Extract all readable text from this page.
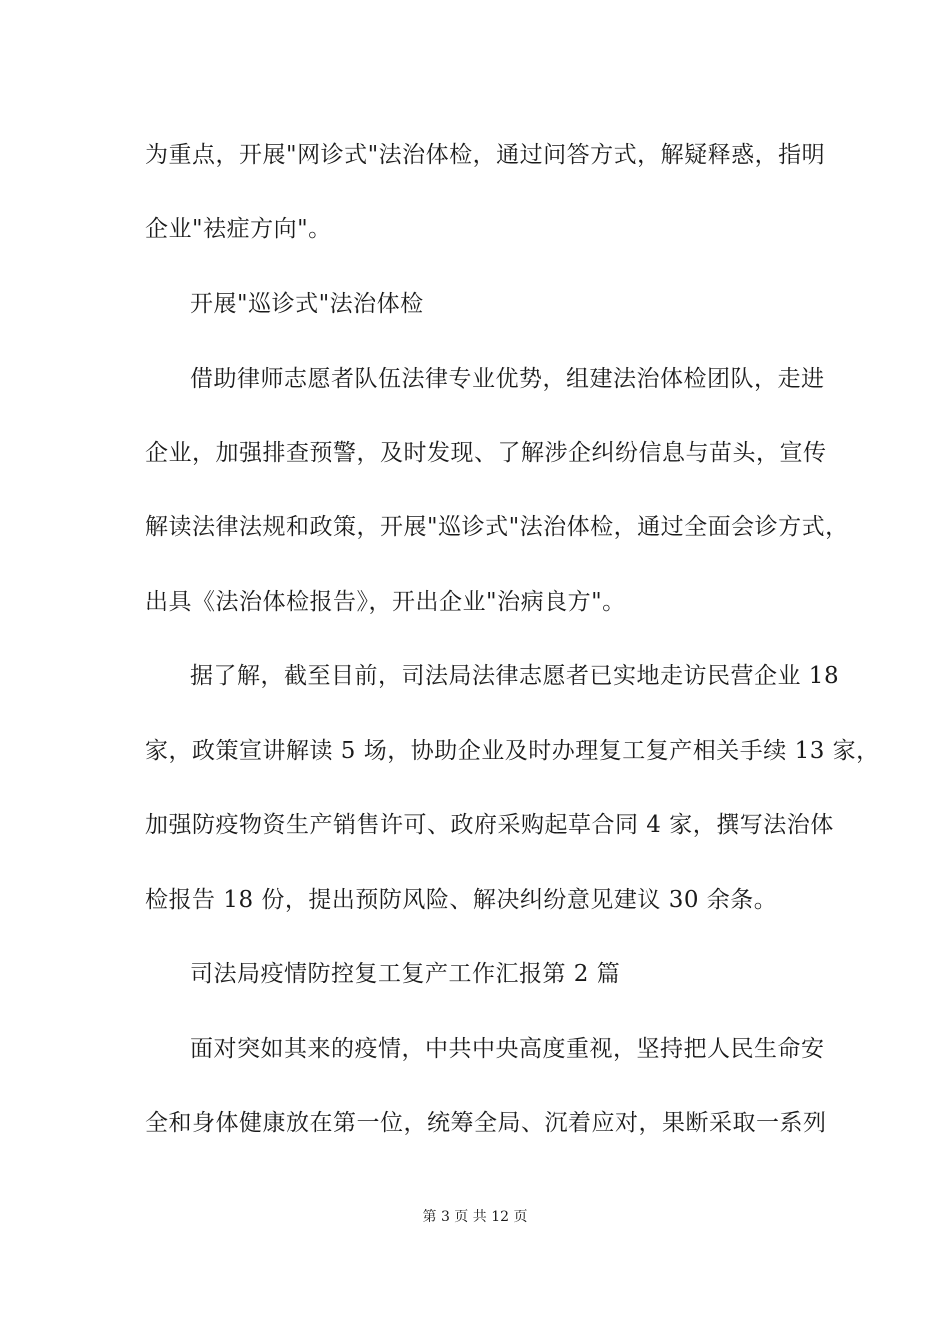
为重点，开展"网诊式"法治体检，通过问答方式，解疑释惑，指明
企业"祛症方向"。
开展"巡诊式"法治体检
借助律师志愿者队伍法律专业优势，组建法治体检团队，走进
企业，加强排查预警，及时发现、了解涉企纠纷信息与苗头，宣传
解读法律法规和政策，开展"巡诊式"法治体检，通过全面会诊方式，
出具《法治体检报告》，开出企业"治病良方"。
据了解，截至目前，司法局法律志愿者已实地走访民营企业 18
家，政策宣讲解读 5 场，协助企业及时办理复工复产相关手续 13 家，
加强防疫物资生产销售许可、政府采购起草合同 4 家，撰写法治体
检报告 18 份，提出预防风险、解决纠纷意见建议 30 余条。
司法局疫情防控复工复产工作汇报第 2 篇
面对突如其来的疫情，中共中央高度重视，坚持把人民生命安
全和身体健康放在第一位，统筹全局、沉着应对，果断采取一系列
第 3 页 共 12 页
